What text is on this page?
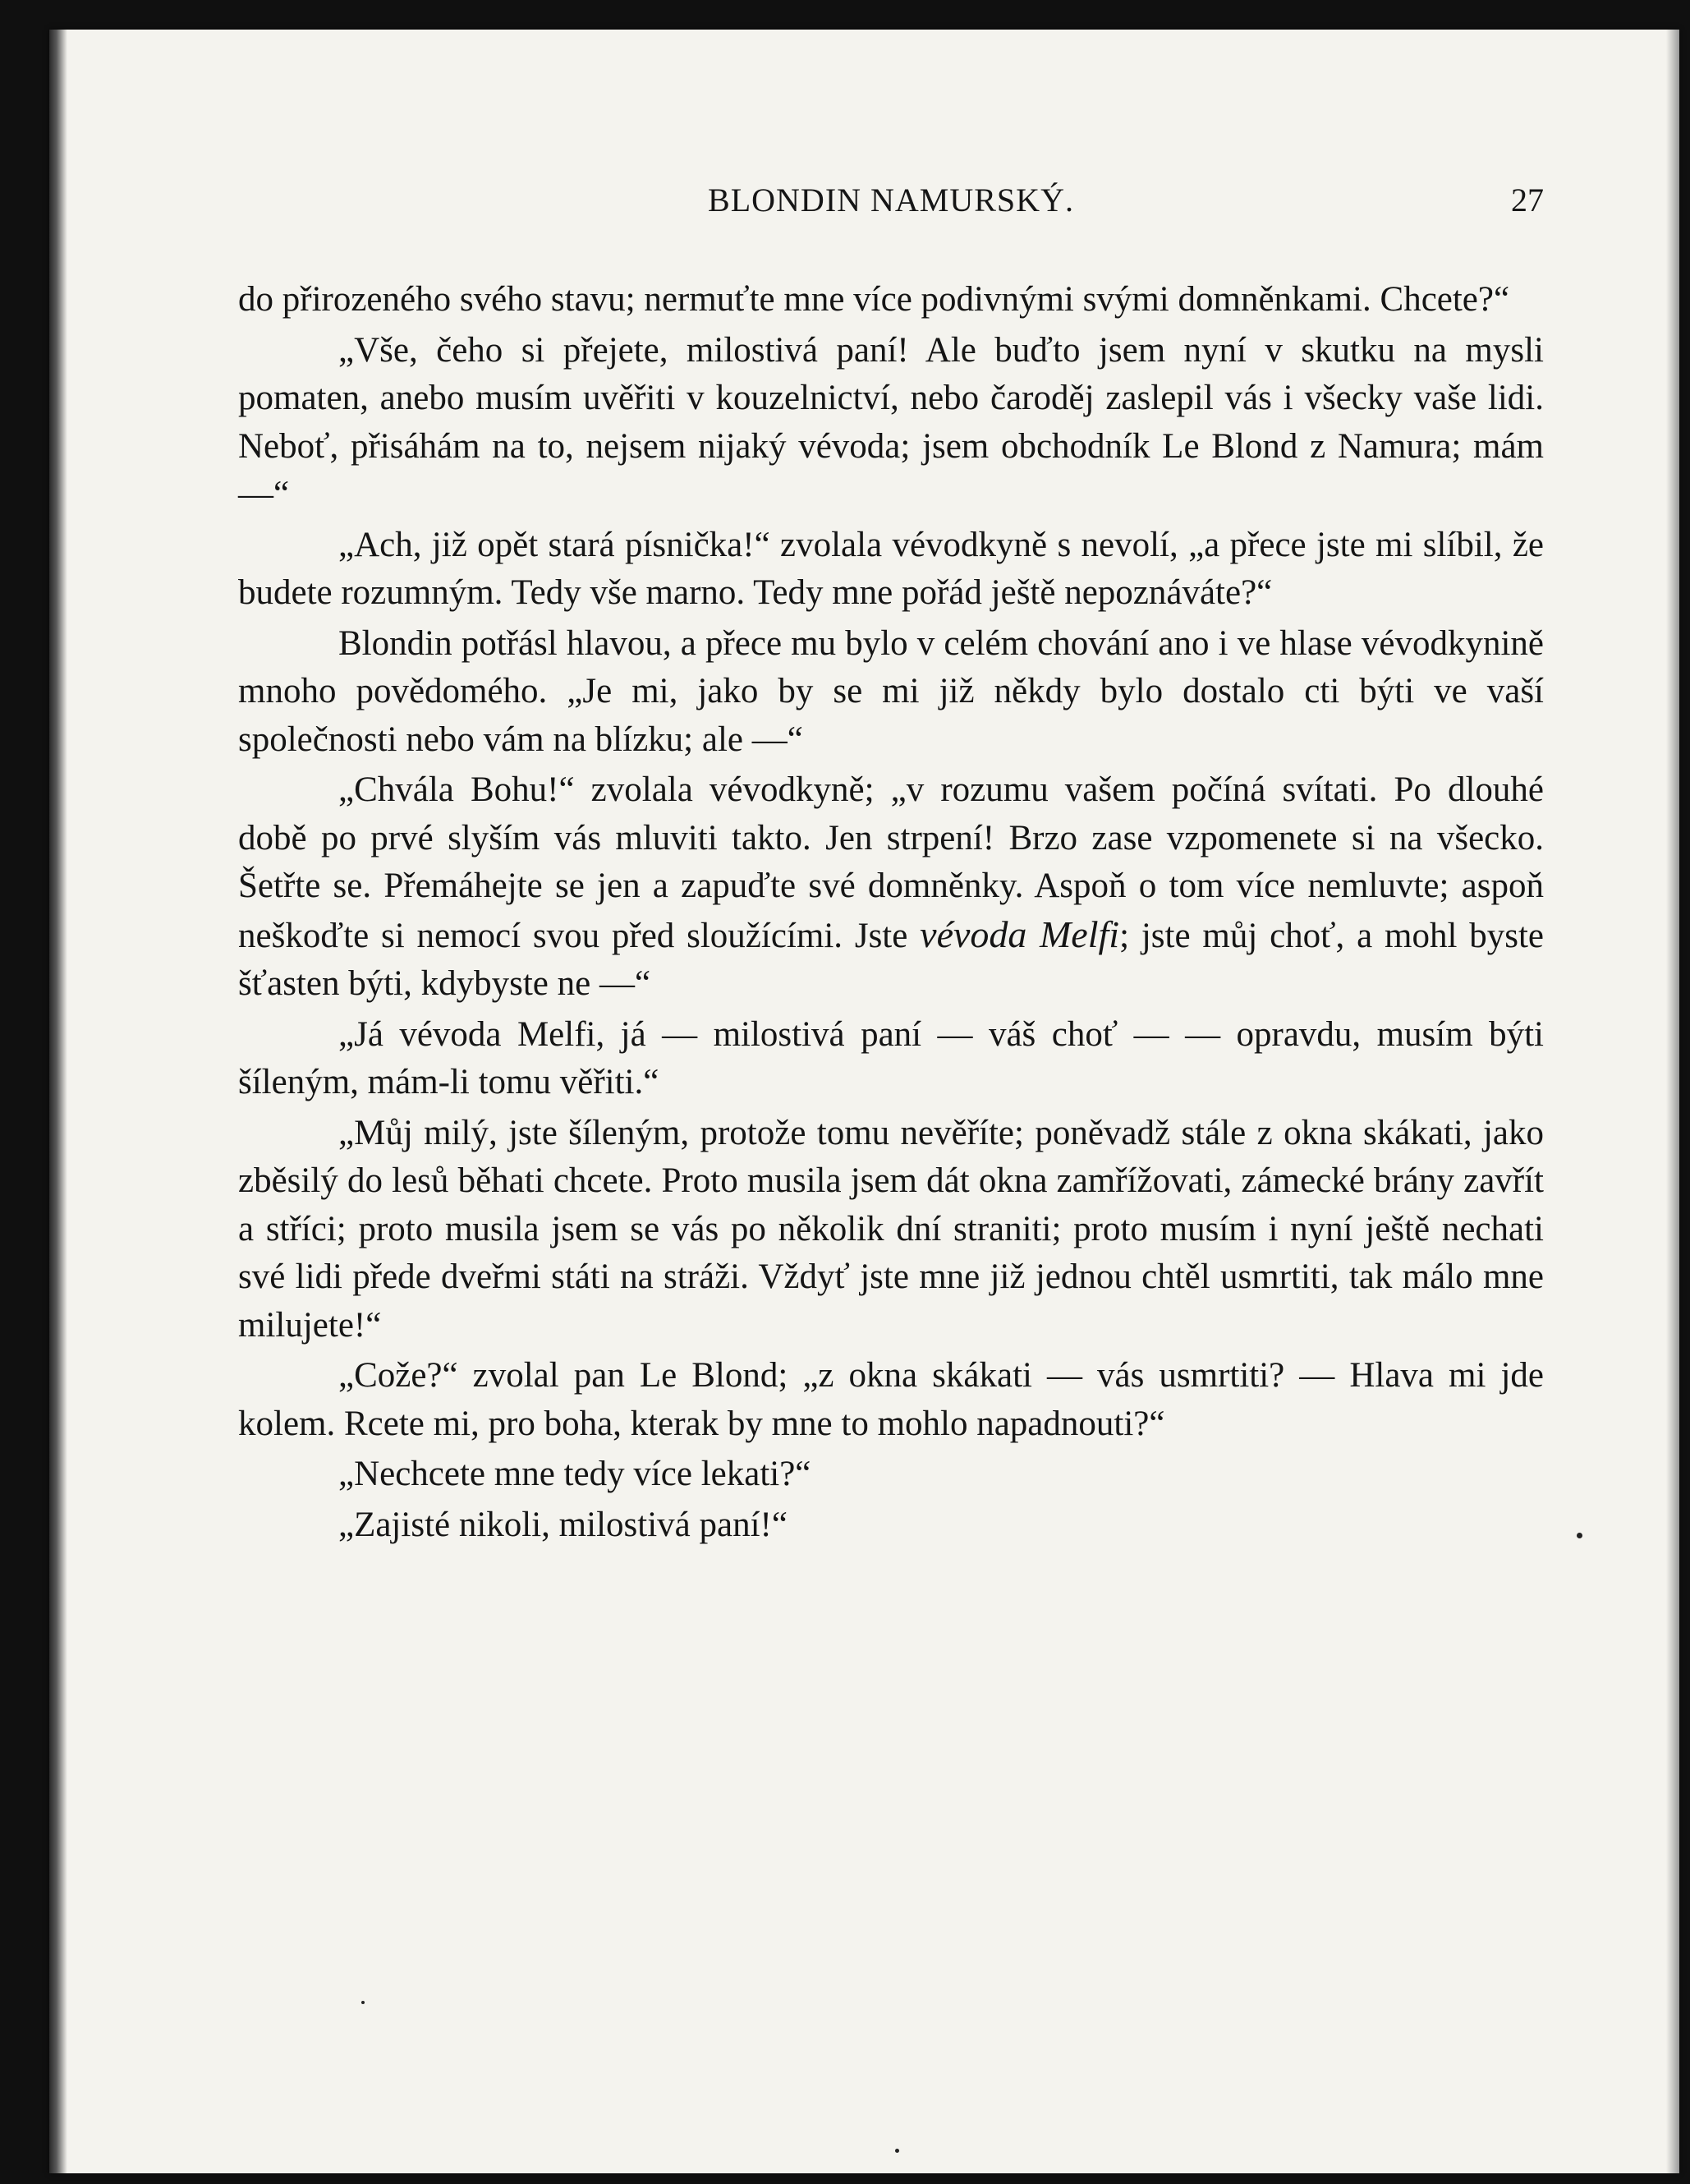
BLONDIN NAMURSKÝ.	27

do přirozeného svého stavu; nermuťte mne více podivnými svými domněnkami. Chcete?“

„Vše, čeho si přejete, milostivá paní! Ale buďto jsem nyní v skutku na mysli pomaten, anebo musím uvěřiti v kouzelnictví, nebo čaroděj zaslepil vás i všecky vaše lidi. Neboť, přisáhám na to, nejsem nijaký vévoda; jsem obchodník Le Blond z Namura; mám —“

„Ach, již opět stará písnička!“ zvolala vévodkyně s nevolí, „a přece jste mi slíbil, že budete rozumným. Tedy vše marno. Tedy mne pořád ještě nepoznáváte?“

Blondin potřásl hlavou, a přece mu bylo v celém chování ano i ve hlase vévodkynině mnoho povědomého. „Je mi, jako by se mi již někdy bylo dostalo cti býti ve vaší společnosti nebo vám na blízku; ale —“

„Chvála Bohu!“ zvolala vévodkyně; „v rozumu vašem počíná svítati. Po dlouhé době po prvé slyším vás mluviti takto. Jen strpení! Brzo zase vzpomenete si na všecko. Šetřte se. Přemáhejte se jen a zapuďte své domněnky. Aspoň o tom více nemluvte; aspoň neškoďte si nemocí svou před sloužícími. Jste vévoda Melfi; jste můj choť, a mohl byste šťasten býti, kdybyste ne —“

„Já vévoda Melfi, já — milostivá paní — váš choť — — opravdu, musím býti šíleným, mám-li tomu věřiti.“

„Můj milý, jste šíleným, protože tomu nevěříte; poněvadž stále z okna skákati, jako zběsilý do lesů běhati chcete. Proto musila jsem dát okna zamřížovati, zámecké brány zavřít a stříci; proto musila jsem se vás po několik dní straniti; proto musím i nyní ještě nechati své lidi přede dveřmi státi na stráži. Vždyť jste mne již jednou chtěl usmrtiti, tak málo mne milujete!“

„Cože?“ zvolal pan Le Blond; „z okna skákati — vás usmrtiti? — Hlava mi jde kolem. Rcete mi, pro boha, kterak by mne to mohlo napadnouti?“

„Nechcete mne tedy více lekati?“

„Zajisté nikoli, milostivá paní!“
